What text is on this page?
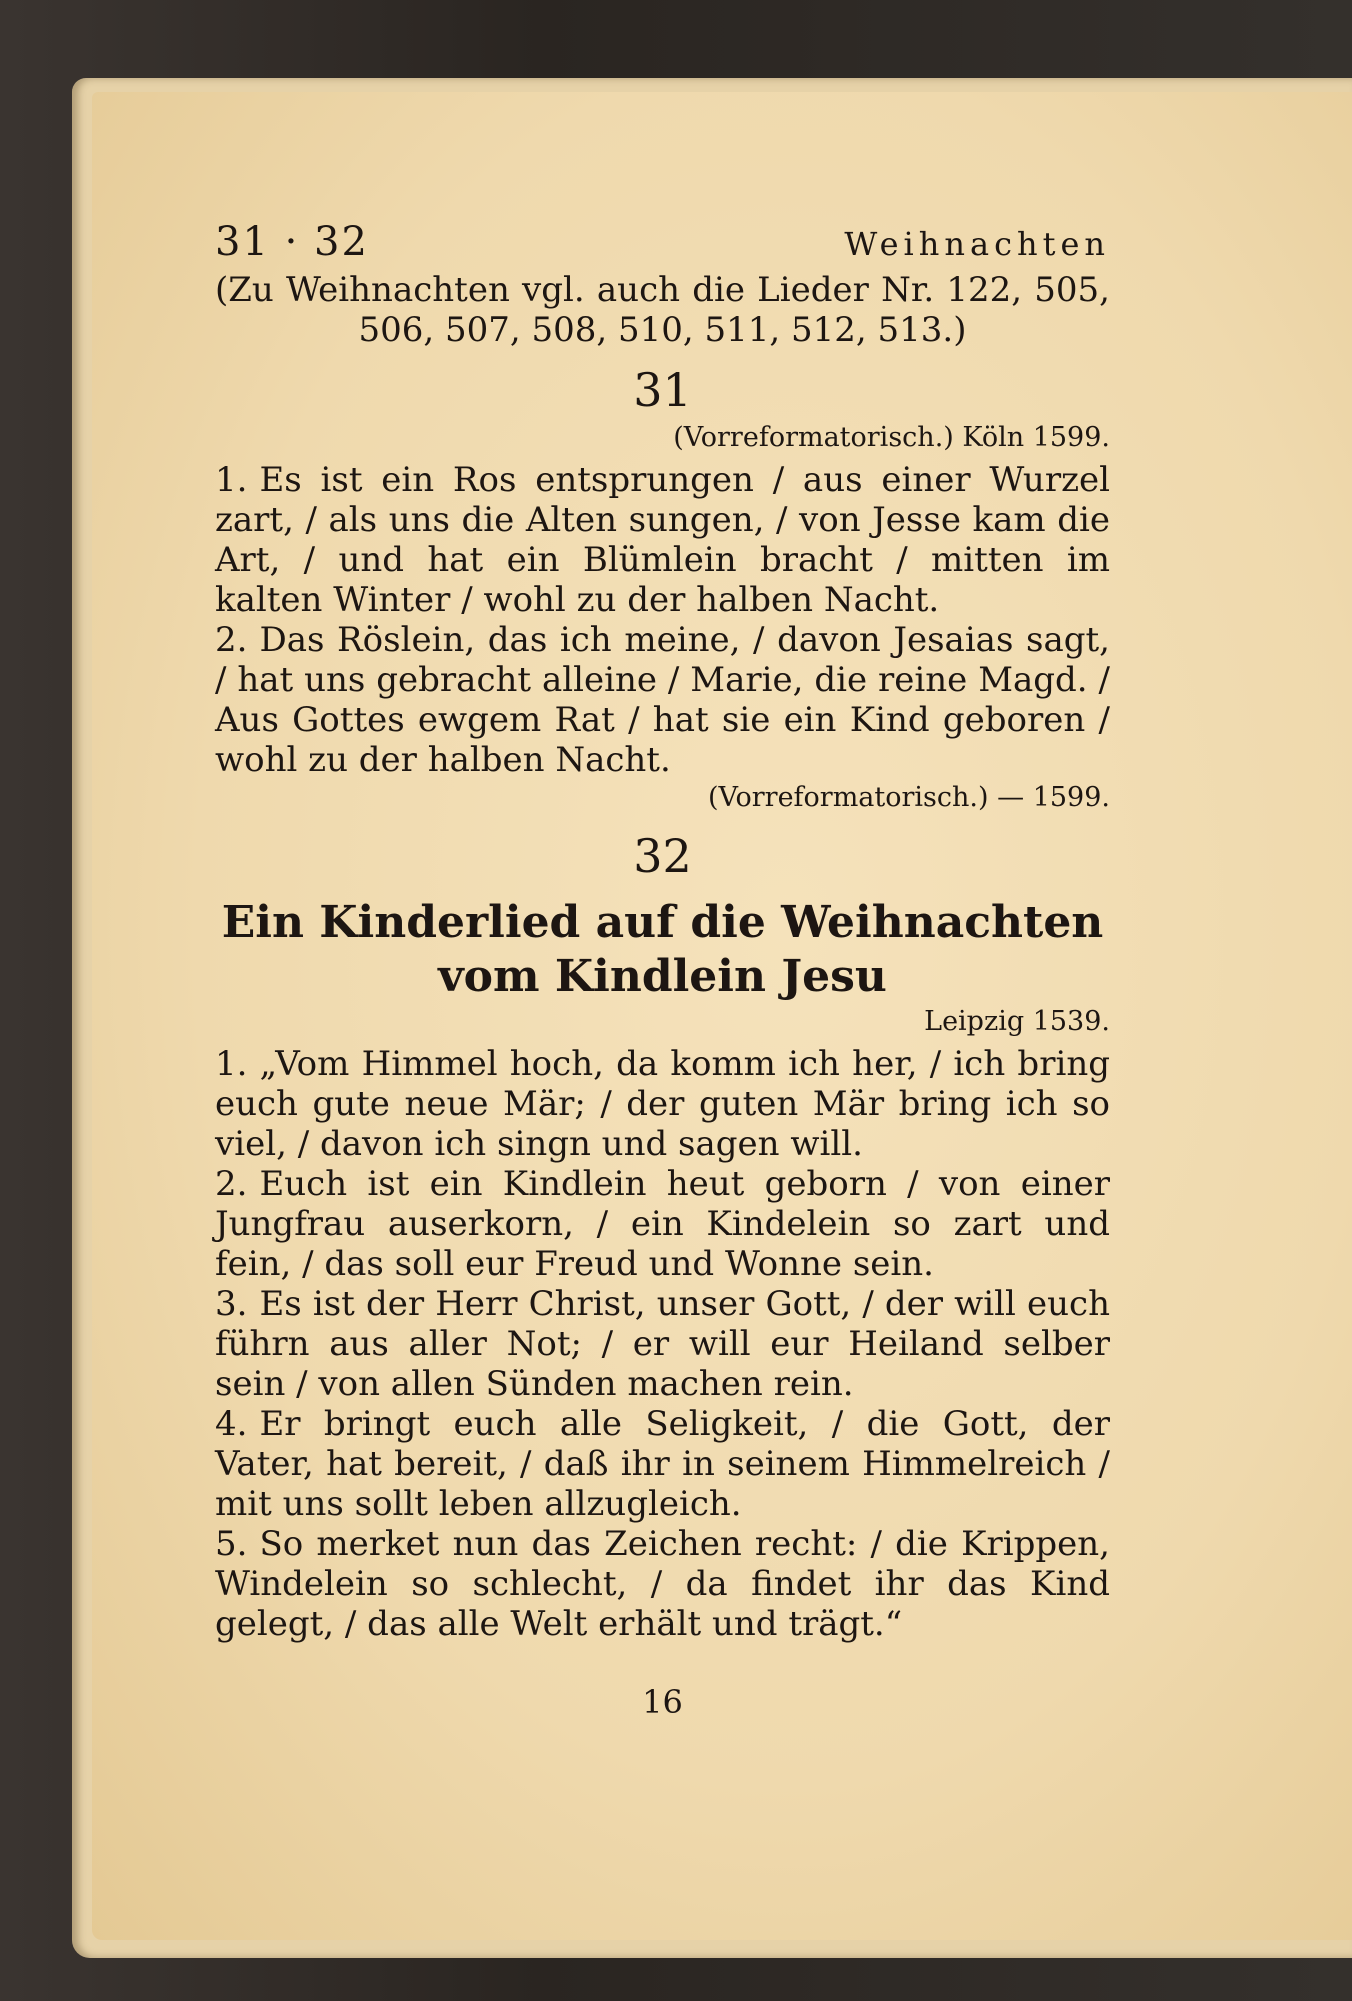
31 · 32	Weihnachten

(Zu Weihnachten vgl. auch die Lieder Nr. 122, 505, 506, 507, 508, 510, 511, 512, 513.)

31
(Vorreformatorisch.) Köln 1599.

1. Es ist ein Ros entsprungen / aus einer Wurzel zart, / als uns die Alten sungen, / von Jesse kam die Art, / und hat ein Blümlein bracht / mitten im kalten Winter / wohl zu der halben Nacht.

2. Das Röslein, das ich meine, / davon Jesaias sagt, / hat uns gebracht alleine / Marie, die reine Magd. / Aus Gottes ewgem Rat / hat sie ein Kind geboren / wohl zu der halben Nacht.

(Vorreformatorisch.) — 1599.
32
Ein Kinderlied auf die Weihnachten
vom Kindlein Jesu
Leipzig 1539.

1. „Vom Himmel hoch, da komm ich her, / ich bring euch gute neue Mär; / der guten Mär bring ich so viel, / davon ich singn und sagen will.

2. Euch ist ein Kindlein heut geborn / von einer Jungfrau auserkorn, / ein Kindelein so zart und fein, / das soll eur Freud und Wonne sein.

3. Es ist der Herr Christ, unser Gott, / der will euch führn aus aller Not; / er will eur Heiland selber sein / von allen Sünden machen rein.

4. Er bringt euch alle Seligkeit, / die Gott, der Vater, hat bereit, / daß ihr in seinem Himmelreich / mit uns sollt leben allzugleich.

5. So merket nun das Zeichen recht: / die Krippen, Windelein so schlecht, / da findet ihr das Kind gelegt, / das alle Welt erhält und trägt.“

16
